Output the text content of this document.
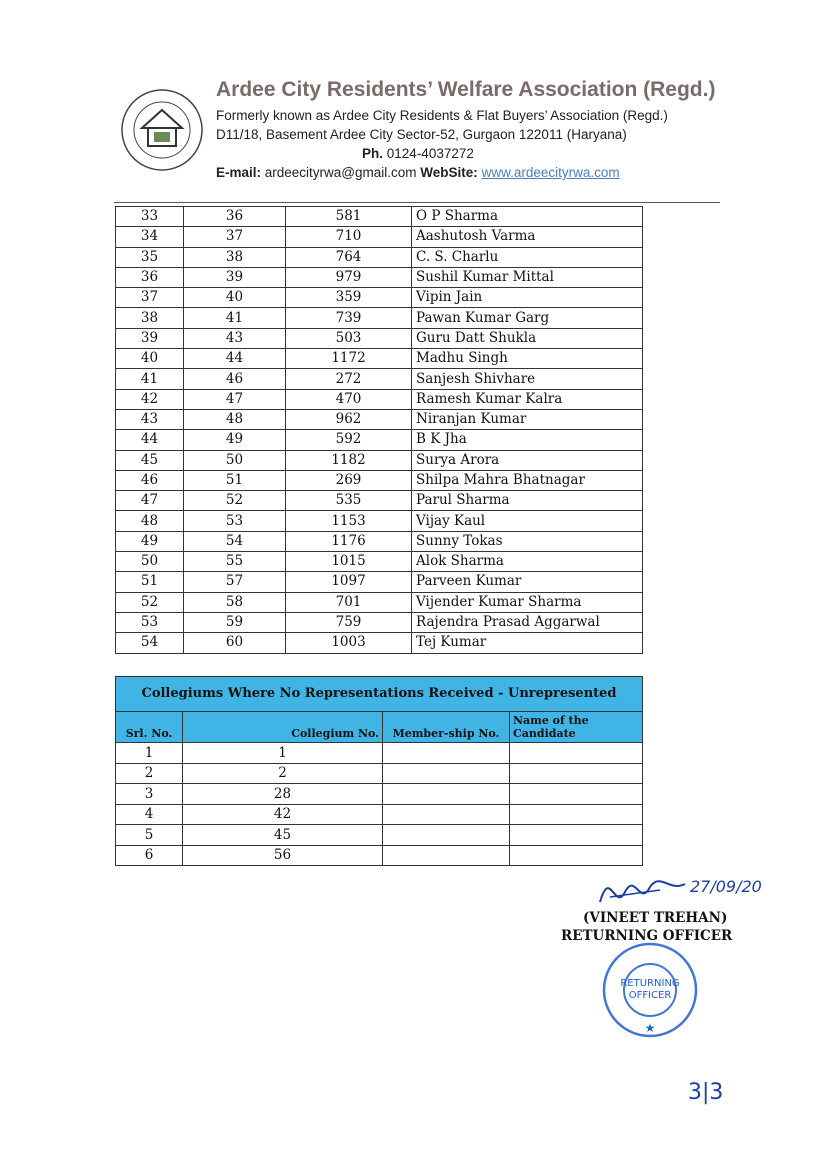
Ardee City Residents’ Welfare Association (Regd.)
Formerly known as Ardee City Residents & Flat Buyers’ Association (Regd.)
D11/18, Basement Ardee City Sector-52, Gurgaon 122011 (Haryana)
Ph. 0124-4037272
E-mail: ardeecityrwa@gmail.com WebSite: www.ardeecityrwa.com
33	36	581	O P Sharma
34	37	710	Aashutosh Varma
35	38	764	C. S. Charlu
36	39	979	Sushil Kumar Mittal
37	40	359	Vipin Jain
38	41	739	Pawan Kumar Garg
39	43	503	Guru Datt Shukla
40	44	1172	Madhu Singh
41	46	272	Sanjesh Shivhare
42	47	470	Ramesh Kumar Kalra
43	48	962	Niranjan Kumar
44	49	592	B K Jha
45	50	1182	Surya Arora
46	51	269	Shilpa Mahra Bhatnagar
47	52	535	Parul Sharma
48	53	1153	Vijay Kaul
49	54	1176	Sunny Tokas
50	55	1015	Alok Sharma
51	57	1097	Parveen Kumar
52	58	701	Vijender Kumar Sharma
53	59	759	Rajendra Prasad Aggarwal
54	60	1003	Tej Kumar
Collegiums Where No Representations Received - Unrepresented			
Srl. No.	Collegium No.	Member-ship No.	Name of the Candidate
1	1		
2	2		
3	28		
4	42		
5	45		
6	56		
27/09/20
(VINEET TREHAN)
RETURNING OFFICER
RETURNING
OFFICER
★
3|3
